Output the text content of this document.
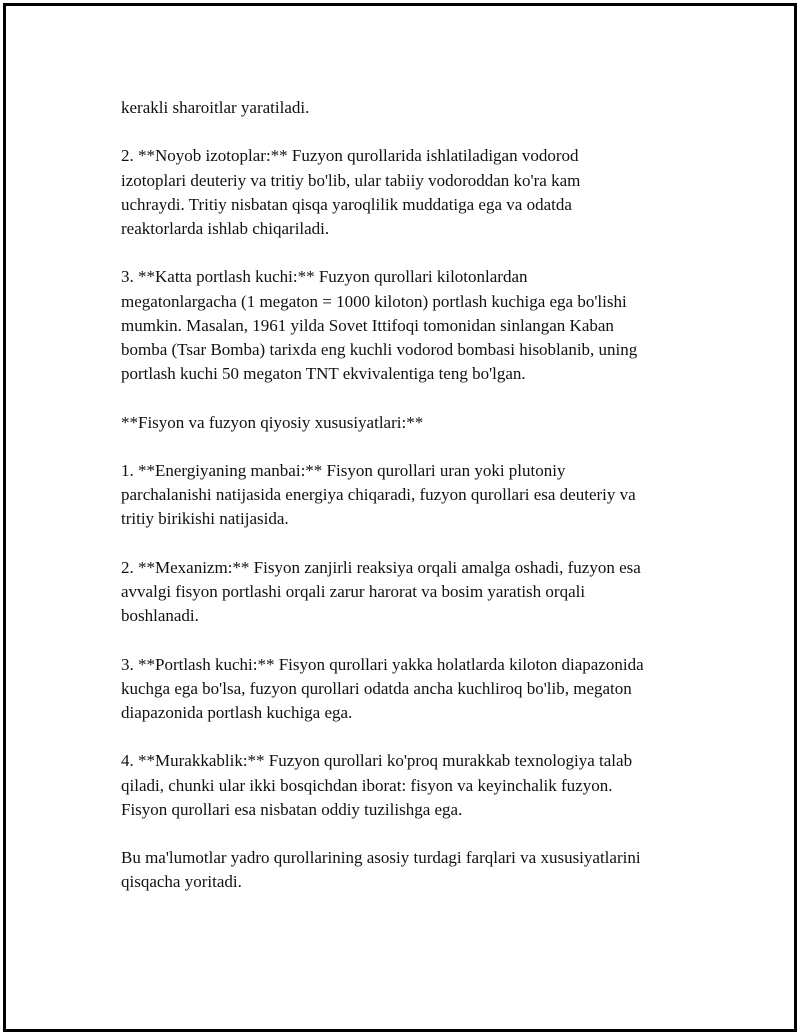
kerakli sharoitlar yaratiladi.

2. **Noyob izotoplar:** Fuzyon qurollarida ishlatiladigan vodorod
izotoplari deuteriy va tritiy bo'lib, ular tabiiy vodoroddan ko'ra kam
uchraydi. Tritiy nisbatan qisqa yaroqlilik muddatiga ega va odatda
reaktorlarda ishlab chiqariladi.

3. **Katta portlash kuchi:** Fuzyon qurollari kilotonlardan
megatonlargacha (1 megaton = 1000 kiloton) portlash kuchiga ega bo'lishi
mumkin. Masalan, 1961 yilda Sovet Ittifoqi tomonidan sinlangan Kaban
bomba (Tsar Bomba) tarixda eng kuchli vodorod bombasi hisoblanib, uning
portlash kuchi 50 megaton TNT ekvivalentiga teng bo'lgan.

**Fisyon va fuzyon qiyosiy xususiyatlari:**

1. **Energiyaning manbai:** Fisyon qurollari uran yoki plutoniy
parchalanishi natijasida energiya chiqaradi, fuzyon qurollari esa deuteriy va
tritiy birikishi natijasida.

2. **Mexanizm:** Fisyon zanjirli reaksiya orqali amalga oshadi, fuzyon esa
avvalgi fisyon portlashi orqali zarur harorat va bosim yaratish orqali
boshlanadi.

3. **Portlash kuchi:** Fisyon qurollari yakka holatlarda kiloton diapazonida
kuchga ega bo'lsa, fuzyon qurollari odatda ancha kuchliroq bo'lib, megaton
diapazonida portlash kuchiga ega.

4. **Murakkablik:** Fuzyon qurollari ko'proq murakkab texnologiya talab
qiladi, chunki ular ikki bosqichdan iborat: fisyon va keyinchalik fuzyon.
Fisyon qurollari esa nisbatan oddiy tuzilishga ega.

Bu ma'lumotlar yadro qurollarining asosiy turdagi farqlari va xususiyatlarini
qisqacha yoritadi.
